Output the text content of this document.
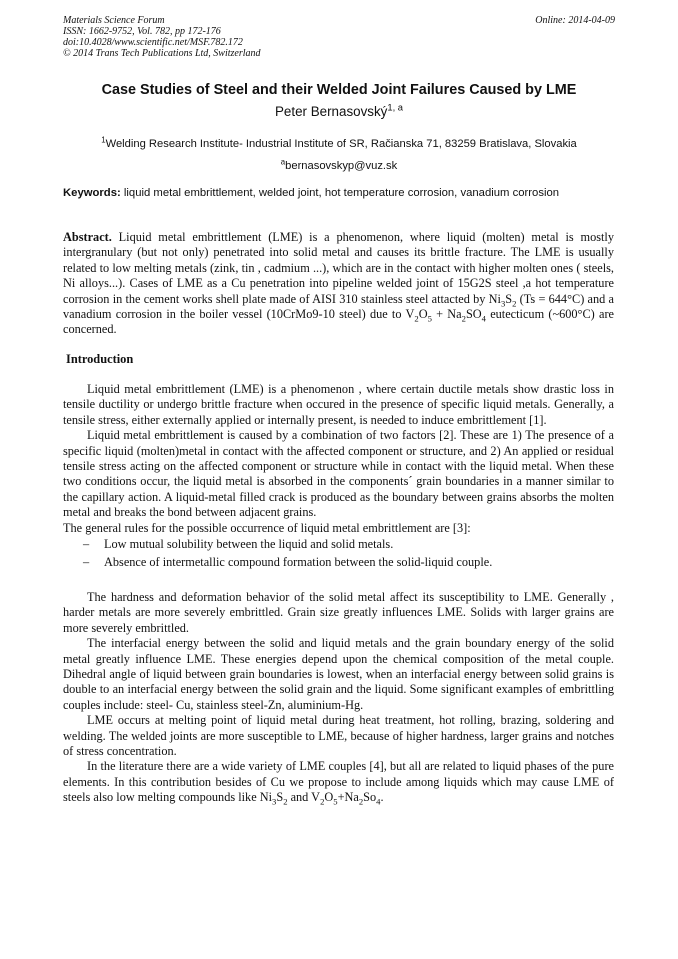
Materials Science Forum
ISSN: 1662-9752, Vol. 782, pp 172-176
doi:10.4028/www.scientific.net/MSF.782.172
© 2014 Trans Tech Publications Ltd, Switzerland
Online: 2014-04-09
Case Studies of Steel and their Welded Joint Failures Caused by LME
Peter Bernasovský$^{1, a}$
$^1$Welding Research Institute- Industrial Institute of SR, Račianska 71, 83259 Bratislava, Slovakia
$^a$bernasovskyp@vuz.sk
Keywords: liquid metal embrittlement, welded joint, hot temperature corrosion, vanadium corrosion
Abstract. Liquid metal embrittlement (LME) is a phenomenon, where liquid (molten) metal is mostly intergranulary (but not only) penetrated into solid metal and causes its brittle fracture. The LME is usually related to low melting metals (zink, tin , cadmium ...), which are in the contact with higher molten ones ( steels, Ni alloys...). Cases of LME as a Cu penetration into pipeline welded joint of 15G2S steel ,a hot temperature corrosion in the cement works shell plate made of AISI 310 stainless steel attacted by $Ni_3S_2$ (Ts = 644°C) and a vanadium corrosion in the boiler vessel (10CrMo9-10 steel) due to $V_2O_5 + Na_2SO_4$ eutecticum (~600°C) are concerned.
Introduction

Liquid metal embrittlement (LME) is a phenomenon , where certain ductile metals show drastic loss in tensile ductility or undergo brittle fracture when occured in the presence of specific liquid metals. Generally, a tensile stress, either externally applied or internally present, is needed to induce embrittlement [1].

Liquid metal embrittlement is caused by a combination of two factors [2]. These are 1) The presence of a specific liquid (molten)metal in contact with the affected component or structure, and 2) An applied or residual tensile stress acting on the affected component or structure while in contact with the liquid metal. When these two conditions occur, the liquid metal is absorbed in the components´ grain boundaries in a manner similar to the capillary action. A liquid-metal filled crack is produced as the boundary between grains absorbs the molten metal and breaks the bond between adjacent grains.

The general rules for the possible occurrence of liquid metal embrittlement are [3]:

– Low mutual solubility between the liquid and solid metals.
– Absence of intermetallic compound formation between the solid-liquid couple.

The hardness and deformation behavior of the solid metal affect its susceptibility to LME. Generally , harder metals are more severely embrittled. Grain size greatly influences LME. Solids with larger grains are more severely embrittled.

The interfacial energy between the solid and liquid metals and the grain boundary energy of the solid metal greatly influence LME. These energies depend upon the chemical composition of the metal couple. Dihedral angle of liquid between grain boundaries is lowest, when an interfacial energy between solid grains is double to an interfacial energy between the solid grain and the liquid. Some significant examples of embrittling couples include: steel- Cu, stainless steel-Zn, aluminium-Hg.

LME occurs at melting point of liquid metal during heat treatment, hot rolling, brazing, soldering and welding. The welded joints are more susceptible to LME, because of higher hardness, larger grains and notches of stress concentration.

In the literature there are a wide variety of LME couples [4], but all are related to liquid phases of the pure elements. In this contribution besides of Cu we propose to include among liquids which may cause LME of steels also low melting compounds like $Ni_3S_2$ and $V_2O_5+Na_2So_4$.
